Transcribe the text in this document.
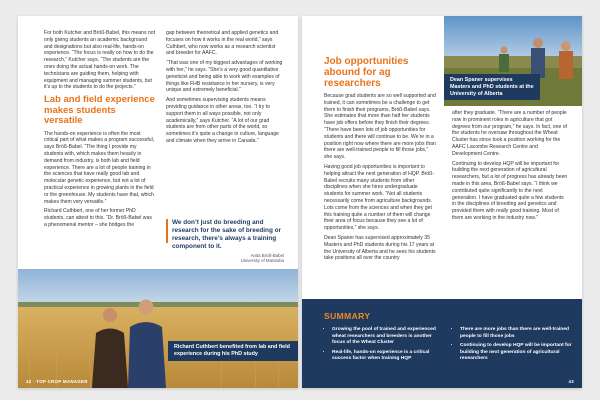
For both Kutcher and Bröß-Babel, this means not only giving students an academic background and designations but also real-life, hands-on experience. “The focus is really on how to do the research,” Kutcher says. “The students are the ones doing the actual hands-on work. The technicians are guiding them, helping with equipment and managing summer students, but it’s up to the students to do the projects.”

Lab and field experience makes students versatile

The hands-on experience is often the most critical part of what makes a program successful, says Bröß-Babel. “The thing I provide my students with, which makes them heavily in demand from industry, is both lab and field experience. There are a lot of people training in the sciences that have really good lab and molecular genetic experience, but not a lot of practical experience in growing plants in the field or the greenhouse. My students have that, which makes them very versatile.”

Richard Cuthbert, one of her former PhD students, can attest to this. “Dr. Bröß-Babel was a phenomenal mentor – she bridges the

gap between theoretical and applied genetics and focuses on how it works in the real world,” says Cuthbert, who now works as a research scientist and breeder for AAFC.

“That was one of my biggest advantages of working with her,” he says. “She’s a very good quantitative geneticist and being able to work with examples of things like FHB resistance in her nursery, is very unique and extremely beneficial.”

And sometimes supervising students means providing guidance in other areas, too. “I try to support them in all ways possible, not only academically,” says Kutcher. “A lot of our grad students are from other parts of the world, so sometimes it’s quite a change in culture, language and climate when they arrive in Canada.”

We don’t just do breeding and research for the sake of breeding or research, there’s always a training component to it.
Anita Bröß-Babel
University of Manitoba
Richard Cuthbert benefited from lab and field experience during his PhD study
42 · TOP CROP MANAGER
Job opportunities abound for ag researchers

Because grad students are so well supported and trained, it can sometimes be a challenge to get them to finish their programs, Bröß-Babel says. She estimates that more than half her students have job offers before they finish their degrees. “There have been lots of job opportunities for students and there will continue to be. We’re in a position right now where there are more jobs than there are well-trained people to fill those jobs,” she says.

Having good job opportunities is important to helping attract the next generation of HQP. Bröß-Babel recruits many students from other disciplines when she hires undergraduate students for summer work. “Not all students necessarily come from agriculture backgrounds. Lots come from the sciences and when they get this training quite a number of them will change their area of focus because they see a lot of opportunities,” she says.

Dean Spaner has supervised approximately 35 Masters and PhD students during his 17 years at the University of Alberta and he sees his students take positions all over the country

Dean Spaner supervises Masters and PhD students at the University of Alberta

after they graduate. “There are a number of people now in prominent roles in agriculture that got degrees from our program,” he says. In fact, one of the students he oversaw throughout the Wheat Cluster has since took a position working for the AAFC Lacombe Research Centre and Development Centre.

Continuing to develop HQP will be important for building the next generation of agricultural researchers, but a lot of progress has already been made in this area, Bröß-Babel says. “I think we contributed quite significantly to the next generation. I have graduated quite a few students in the disciplines of breeding and genetics and provided them with really good training. Most of them are working in the industry now.”

SUMMARY
• Growing the pool of trained and experienced wheat researchers and breeders is another focus of the Wheat Cluster
• Real-life, hands-on experience is a critical success factor when training HQP
• There are more jobs than there are well-trained people to fill those jobs
• Continuing to develop HQP will be important for building the next generation of agricultural researchers
43
